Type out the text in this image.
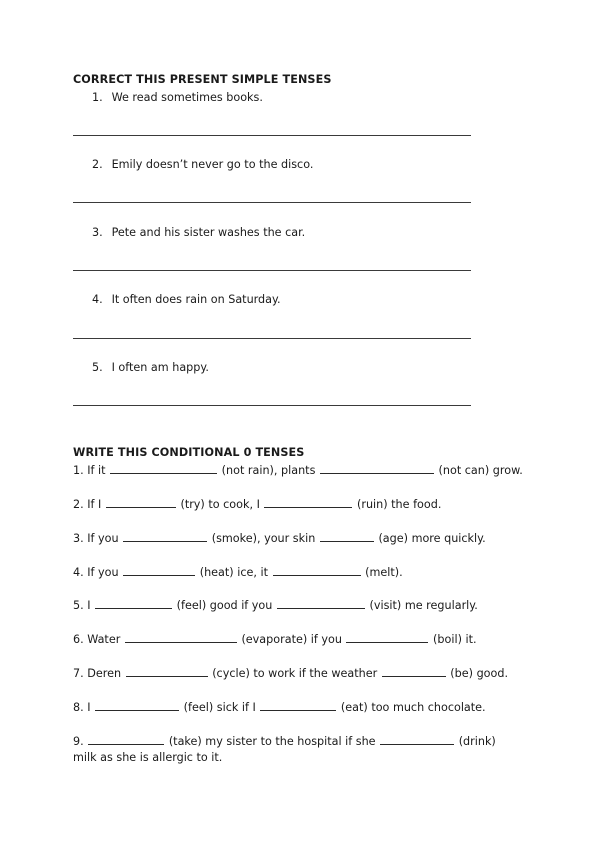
CORRECT THIS PRESENT SIMPLE TENSES
1. We read sometimes books.
2. Emily doesn’t never go to the disco.
3. Pete and his sister washes the car.
4. It often does rain on Saturday.
5. I often am happy.
WRITE THIS CONDITIONAL 0 TENSES
1. If it	(not rain), plants	(not can) grow.
2. If I	(try) to cook, I	(ruin) the food.
3. If you	(smoke), your skin	(age) more quickly.
4. If you	(heat) ice, it	(melt).
5. I	(feel) good if you	(visit) me regularly.
6. Water	(evaporate) if you	(boil) it.
7. Deren	(cycle) to work if the weather	(be) good.
8. I	(feel) sick if I	(eat) too much chocolate.
9.	(take) my sister to the hospital if she	(drink)
milk as she is allergic to it.
